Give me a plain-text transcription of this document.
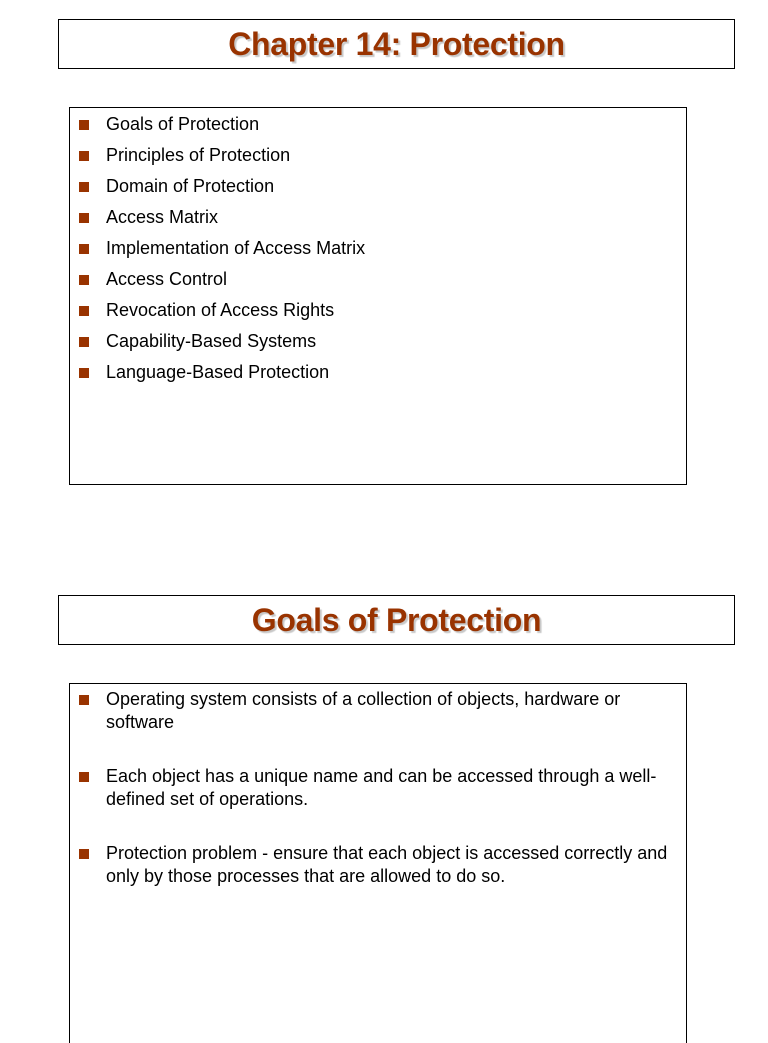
Chapter 14: Protection
Goals of Protection
Principles of Protection
Domain of Protection
Access Matrix
Implementation of Access Matrix
Access Control
Revocation of Access Rights
Capability-Based Systems
Language-Based Protection
Goals of Protection
Operating system consists of a collection of objects, hardware or software
Each object has a unique name and can be accessed through a well-defined set of operations.
Protection problem - ensure that each object is accessed correctly and only by those processes that are allowed to do so.
